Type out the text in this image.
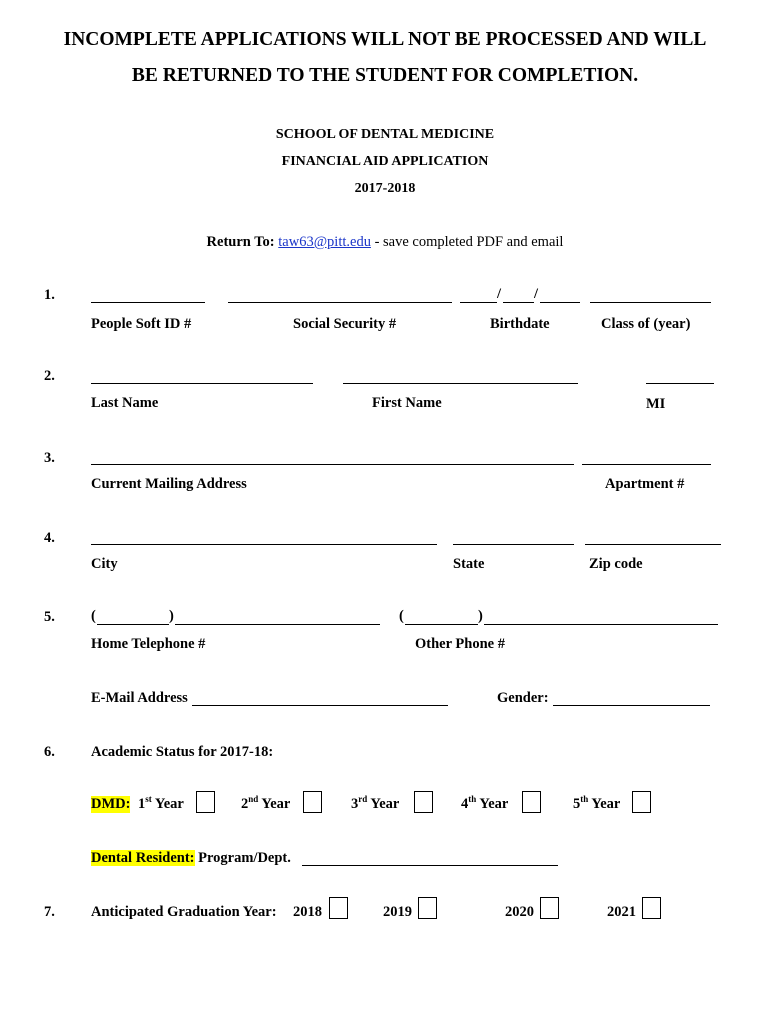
INCOMPLETE APPLICATIONS WILL NOT BE PROCESSED AND WILL
BE RETURNED TO THE STUDENT FOR COMPLETION.
SCHOOL OF DENTAL MEDICINE
FINANCIAL AID APPLICATION
2017-2018
Return To: taw63@pitt.edu - save completed PDF and email
1.	/ /
People Soft ID #	Social Security #	Birthdate	Class of (year)
2.
Last Name	First Name	MI
3.
Current Mailing Address	Apartment #
4.
City	State	Zip code
5. (	)	(	)
Home Telephone #	Other Phone #
E-Mail Address	Gender:
6. Academic Status for 2017-18:
DMD: 1st Year	2nd Year	3rd Year	4th Year	5th Year
Dental Resident: Program/Dept.
7. Anticipated Graduation Year: 2018	2019	2020	2021
